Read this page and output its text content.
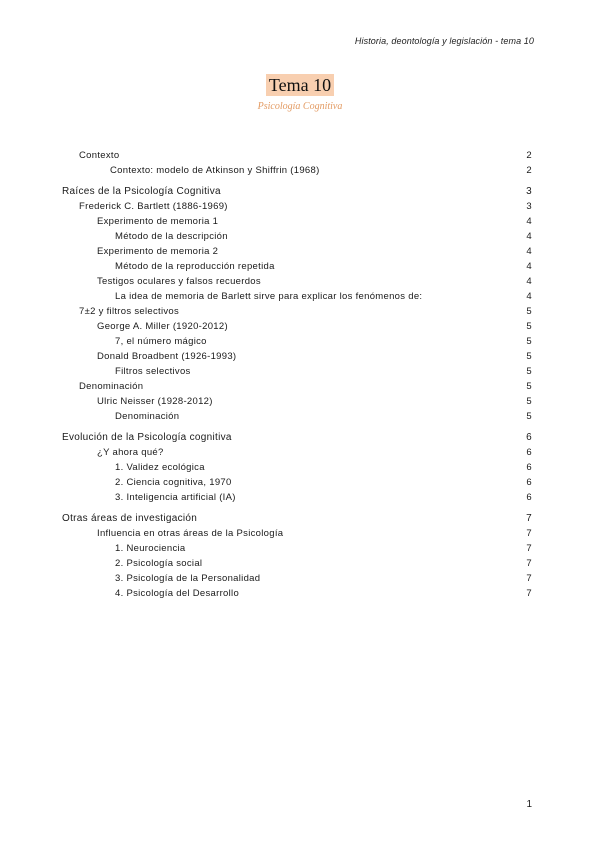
Historia, deontología y legislación - tema 10
Tema 10
Psicología Cognitiva
Contexto	2
Contexto: modelo de Atkinson y Shiffrin (1968)	2
Raíces de la Psicología Cognitiva	3
Frederick C. Bartlett (1886-1969)	3
Experimento de memoria 1	4
Método de la descripción	4
Experimento de memoria 2	4
Método de la reproducción repetida	4
Testigos oculares y falsos recuerdos	4
La idea de memoria de Barlett sirve para explicar los fenómenos de:	4
7±2 y filtros selectivos	5
George A. Miller (1920-2012)	5
7, el número mágico	5
Donald Broadbent (1926-1993)	5
Filtros selectivos	5
Denominación	5
Ulric Neisser (1928-2012)	5
Denominación	5
Evolución de la Psicología cognitiva	6
¿Y ahora qué?	6
1. Validez ecológica	6
2. Ciencia cognitiva, 1970	6
3. Inteligencia artificial (IA)	6
Otras áreas de investigación	7
Influencia en otras áreas de la Psicología	7
1. Neurociencia	7
2. Psicología social	7
3. Psicología de la Personalidad	7
4. Psicología del Desarrollo	7
1
